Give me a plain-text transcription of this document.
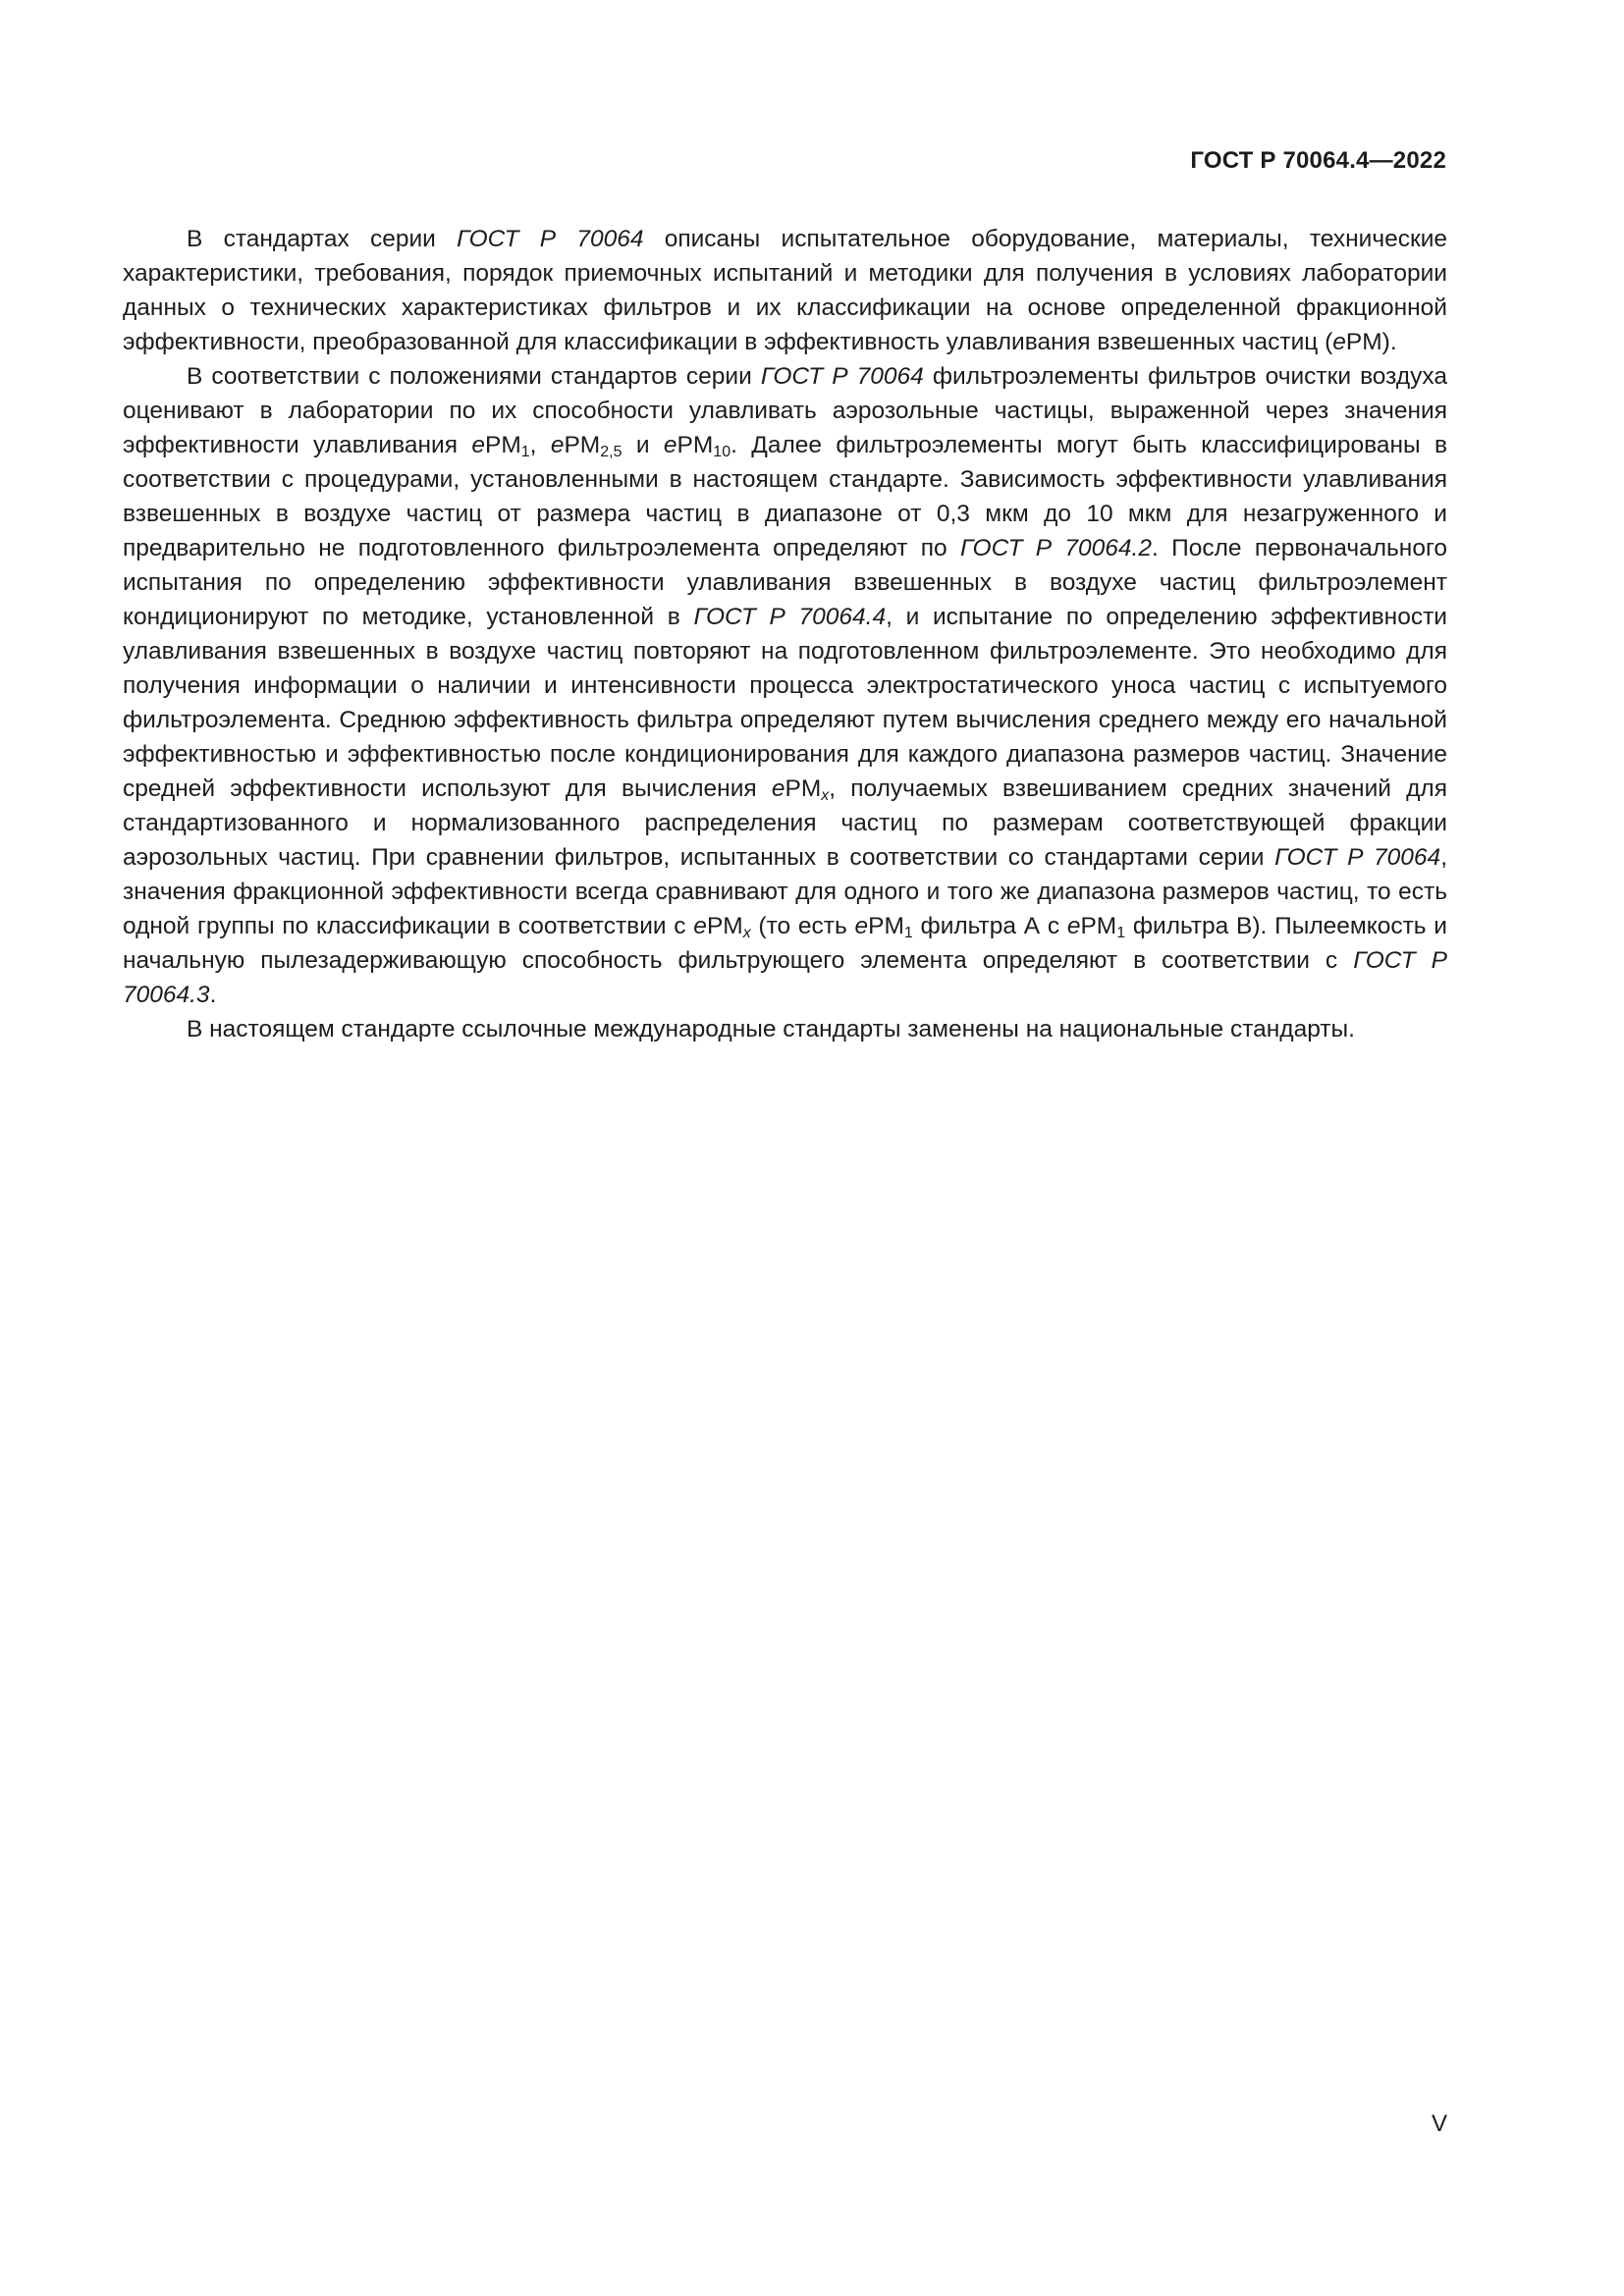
ГОСТ Р 70064.4—2022

В стандартах серии ГОСТ Р 70064 описаны испытательное оборудование, материалы, технические характеристики, требования, порядок приемочных испытаний и методики для получения в условиях лаборатории данных о технических характеристиках фильтров и их классификации на основе определенной фракционной эффективности, преобразованной для классификации в эффективность улавливания взвешенных частиц (ePM).

В соответствии с положениями стандартов серии ГОСТ Р 70064 фильтроэлементы фильтров очистки воздуха оценивают в лаборатории по их способности улавливать аэрозольные частицы, выраженной через значения эффективности улавливания ePM$_1$, ePM$_{2,5}$ и ePM$_{10}$. Далее фильтроэлементы могут быть классифицированы в соответствии с процедурами, установленными в настоящем стандарте. Зависимость эффективности улавливания взвешенных в воздухе частиц от размера частиц в диапазоне от 0,3 мкм до 10 мкм для незагруженного и предварительно не подготовленного фильтроэлемента определяют по ГОСТ Р 70064.2. После первоначального испытания по определению эффективности улавливания взвешенных в воздухе частиц фильтроэлемент кондиционируют по методике, установленной в ГОСТ Р 70064.4, и испытание по определению эффективности улавливания взвешенных в воздухе частиц повторяют на подготовленном фильтроэлементе. Это необходимо для получения информации о наличии и интенсивности процесса электростатического уноса частиц с испытуемого фильтроэлемента. Среднюю эффективность фильтра определяют путем вычисления среднего между его начальной эффективностью и эффективностью после кондиционирования для каждого диапазона размеров частиц. Значение средней эффективности используют для вычисления ePM$_x$, получаемых взвешиванием средних значений для стандартизованного и нормализованного распределения частиц по размерам соответствующей фракции аэрозольных частиц. При сравнении фильтров, испытанных в соответствии со стандартами серии ГОСТ Р 70064, значения фракционной эффективности всегда сравнивают для одного и того же диапазона размеров частиц, то есть одной группы по классификации в соответствии с ePM$_x$ (то есть ePM$_1$ фильтра А с ePM$_1$ фильтра В). Пылеемкость и начальную пылезадерживающую способность фильтрующего элемента определяют в соответствии с ГОСТ Р 70064.3.

В настоящем стандарте ссылочные международные стандарты заменены на национальные стандарты.

V
